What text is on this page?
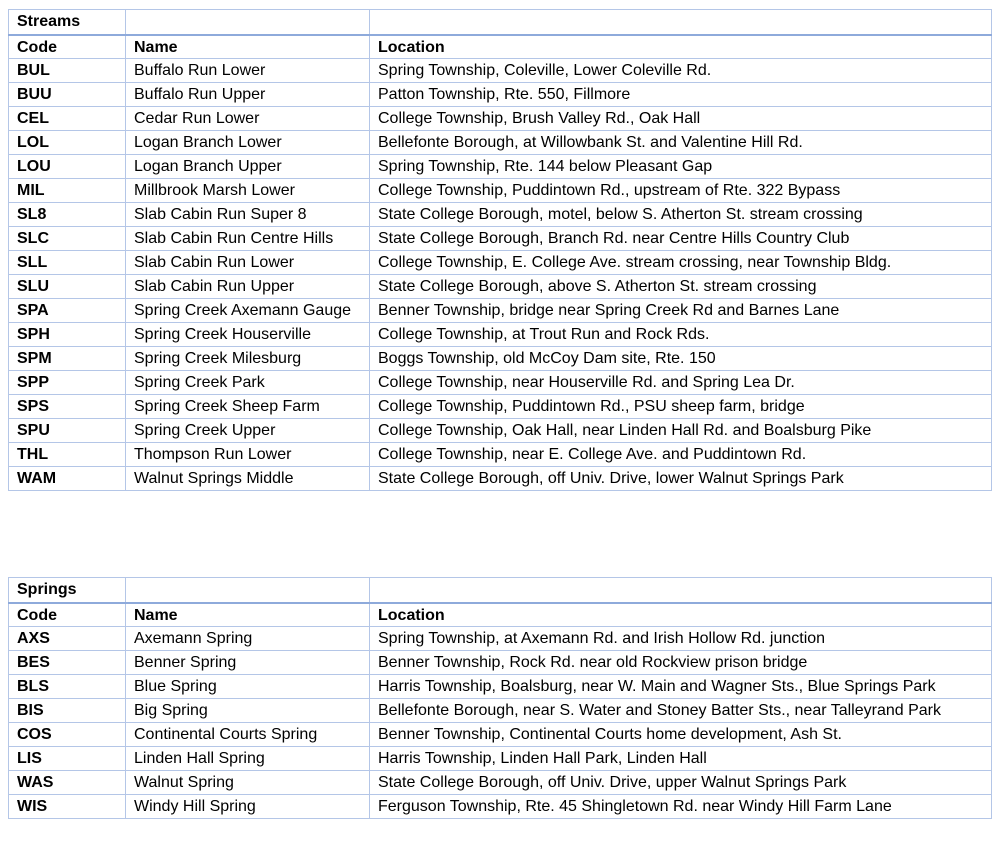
Streams		
Code	Name	Location
BUL	Buffalo Run Lower	Spring Township, Coleville, Lower Coleville Rd.
BUU	Buffalo Run Upper	Patton Township, Rte. 550, Fillmore
CEL	Cedar Run Lower	College Township, Brush Valley Rd., Oak Hall
LOL	Logan Branch Lower	Bellefonte Borough, at Willowbank St. and Valentine Hill Rd.
LOU	Logan Branch Upper	Spring Township, Rte. 144 below Pleasant Gap
MIL	Millbrook Marsh Lower	College Township, Puddintown Rd., upstream of Rte. 322 Bypass
SL8	Slab Cabin Run Super 8	State College Borough, motel, below S. Atherton St. stream crossing
SLC	Slab Cabin Run Centre Hills	State College Borough, Branch Rd. near Centre Hills Country Club
SLL	Slab Cabin Run Lower	College Township, E. College Ave. stream crossing, near Township Bldg.
SLU	Slab Cabin Run Upper	State College Borough, above S. Atherton St. stream crossing
SPA	Spring Creek Axemann Gauge	Benner Township, bridge near Spring Creek Rd and Barnes Lane
SPH	Spring Creek Houserville	College Township, at Trout Run and Rock Rds.
SPM	Spring Creek Milesburg	Boggs Township, old McCoy Dam site, Rte. 150
SPP	Spring Creek Park	College Township, near Houserville Rd. and Spring Lea Dr.
SPS	Spring Creek Sheep Farm	College Township, Puddintown Rd., PSU sheep farm, bridge
SPU	Spring Creek Upper	College Township, Oak Hall, near Linden Hall Rd. and Boalsburg Pike
THL	Thompson Run Lower	College Township, near E. College Ave. and Puddintown Rd.
WAM	Walnut Springs Middle	State College Borough, off Univ. Drive, lower Walnut Springs Park
Springs		
Code	Name	Location
AXS	Axemann Spring	Spring Township, at Axemann Rd. and Irish Hollow Rd. junction
BES	Benner Spring	Benner Township, Rock Rd. near old Rockview prison bridge
BLS	Blue Spring	Harris Township, Boalsburg, near W. Main and Wagner Sts., Blue Springs Park
BIS	Big Spring	Bellefonte Borough, near S. Water and Stoney Batter Sts., near Talleyrand Park
COS	Continental Courts Spring	Benner Township, Continental Courts home development, Ash St.
LIS	Linden Hall Spring	Harris Township, Linden Hall Park, Linden Hall
WAS	Walnut Spring	State College Borough, off Univ. Drive, upper Walnut Springs Park
WIS	Windy Hill Spring	Ferguson Township, Rte. 45 Shingletown Rd. near Windy Hill Farm Lane
